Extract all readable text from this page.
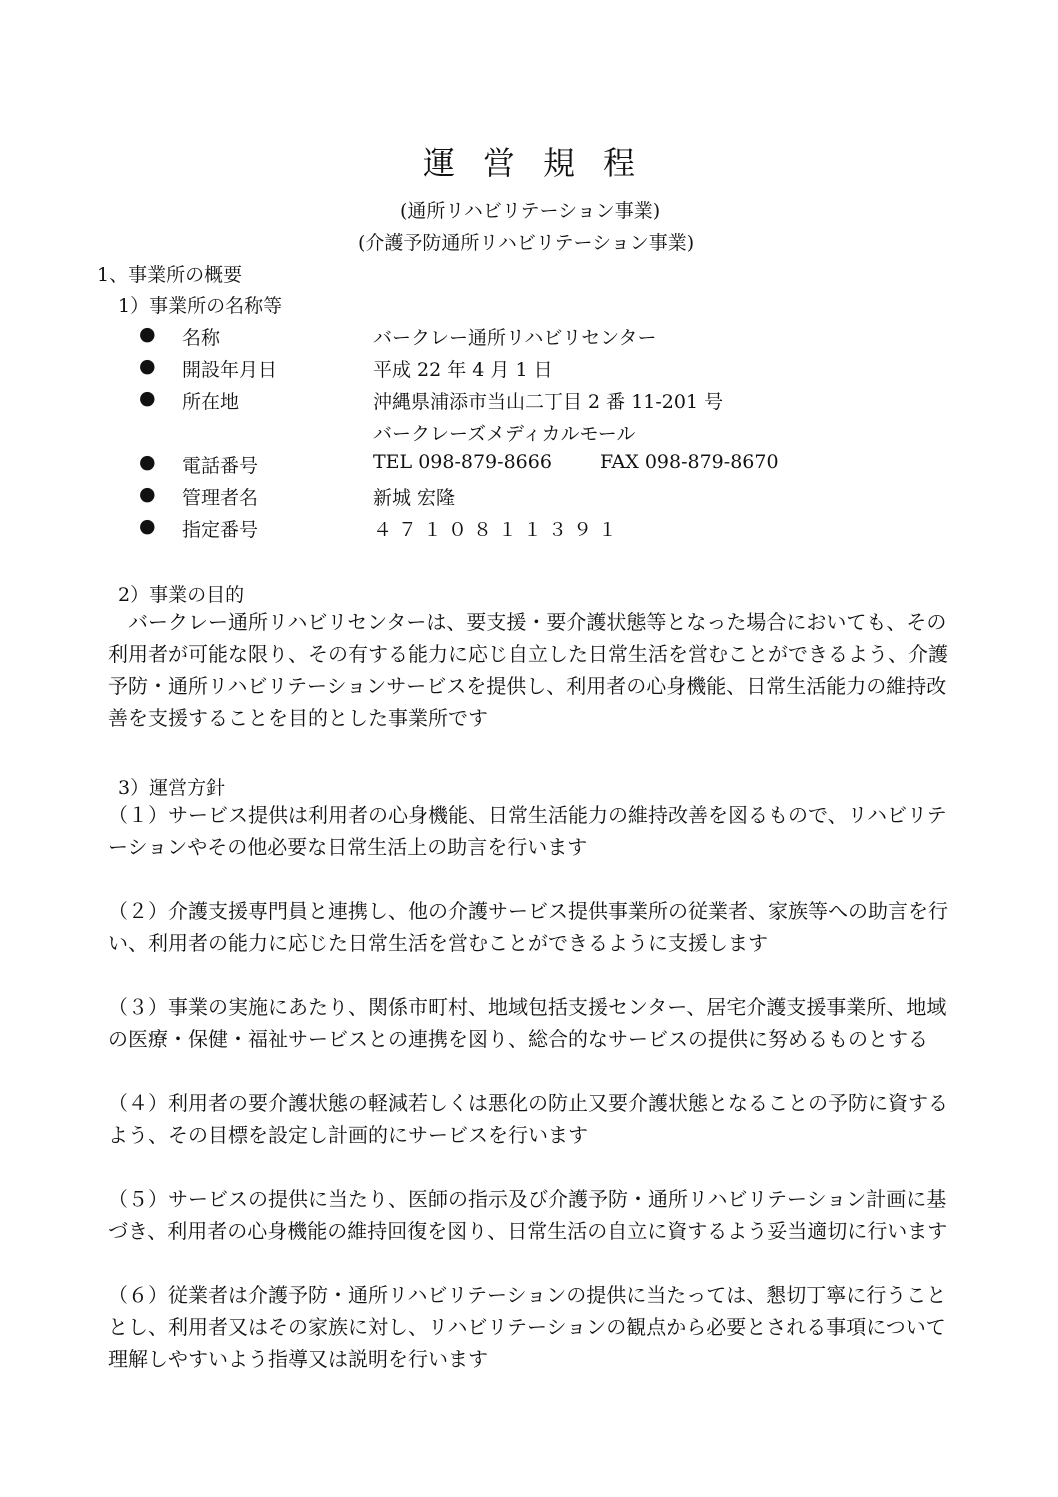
運 営 規 程
(通所リハビリテーション事業)
(介護予防通所リハビリテーション事業)
1、事業所の概要
1）事業所の名称等
● 名称	バークレー通所リハビリセンター
● 開設年月日	平成 22 年 4 月 1 日
● 所在地	沖縄県浦添市当山二丁目 2 番 11-201 号
バークレーズメディカルモール
● 電話番号	TEL 098-879-8666	FAX 098-879-8670
● 管理者名	新城 宏隆
● 指定番号	４７１０８１１３９１
2）事業の目的
　バークレー通所リハビリセンターは、要支援・要介護状態等となった場合においても、その
利用者が可能な限り、その有する能力に応じ自立した日常生活を営むことができるよう、介護
予防・通所リハビリテーションサービスを提供し、利用者の心身機能、日常生活能力の維持改
善を支援することを目的とした事業所です
3）運営方針
（１）サービス提供は利用者の心身機能、日常生活能力の維持改善を図るもので、リハビリテ
ーションやその他必要な日常生活上の助言を行います
（２）介護支援専門員と連携し、他の介護サービス提供事業所の従業者、家族等への助言を行
い、利用者の能力に応じた日常生活を営むことができるように支援します
（３）事業の実施にあたり、関係市町村、地域包括支援センター、居宅介護支援事業所、地域
の医療・保健・福祉サービスとの連携を図り、総合的なサービスの提供に努めるものとする
（４）利用者の要介護状態の軽減若しくは悪化の防止又要介護状態となることの予防に資する
よう、その目標を設定し計画的にサービスを行います
（５）サービスの提供に当たり、医師の指示及び介護予防・通所リハビリテーション計画に基
づき、利用者の心身機能の維持回復を図り、日常生活の自立に資するよう妥当適切に行います
（６）従業者は介護予防・通所リハビリテーションの提供に当たっては、懇切丁寧に行うこと
とし、利用者又はその家族に対し、リハビリテーションの観点から必要とされる事項について
理解しやすいよう指導又は説明を行います
